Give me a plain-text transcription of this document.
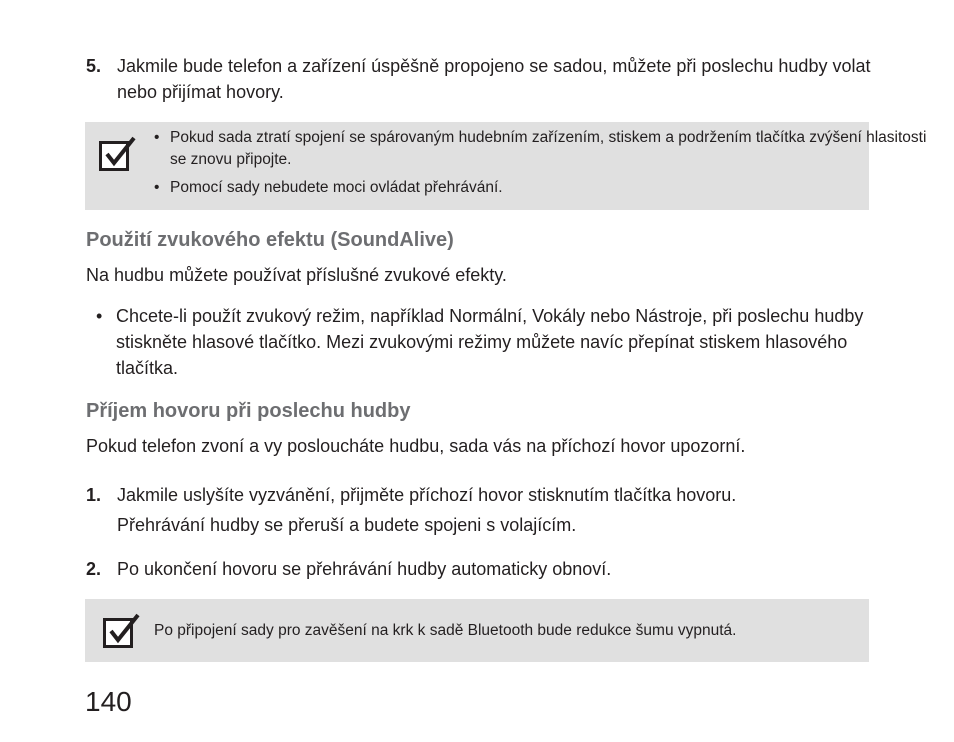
5. Jakmile bude telefon a zařízení úspěšně propojeno se sadou, můžete při poslechu hudby volat nebo přijímat hovory.

• Pokud sada ztratí spojení se spárovaným hudebním zařízením, stiskem a podržením tlačítka zvýšení hlasitosti se znovu připojte.

• Pomocí sady nebudete moci ovládat přehrávání.

Použití zvukového efektu (SoundAlive)
Na hudbu můžete používat příslušné zvukové efekty.
• Chcete-li použít zvukový režim, například Normální, Vokály nebo Nástroje, při poslechu hudby stiskněte hlasové tlačítko. Mezi zvukovými režimy můžete navíc přepínat stiskem hlasového tlačítka.
Příjem hovoru při poslechu hudby
Pokud telefon zvoní a vy posloucháte hudbu, sada vás na příchozí hovor upozorní.
1. Jakmile uslyšíte vyzvánění, přijměte příchozí hovor stisknutím tlačítka hovoru.
Přehrávání hudby se přeruší a budete spojeni s volajícím.
2. Po ukončení hovoru se přehrávání hudby automaticky obnoví.
Po připojení sady pro zavěšení na krk k sadě Bluetooth bude redukce šumu vypnutá.
140
